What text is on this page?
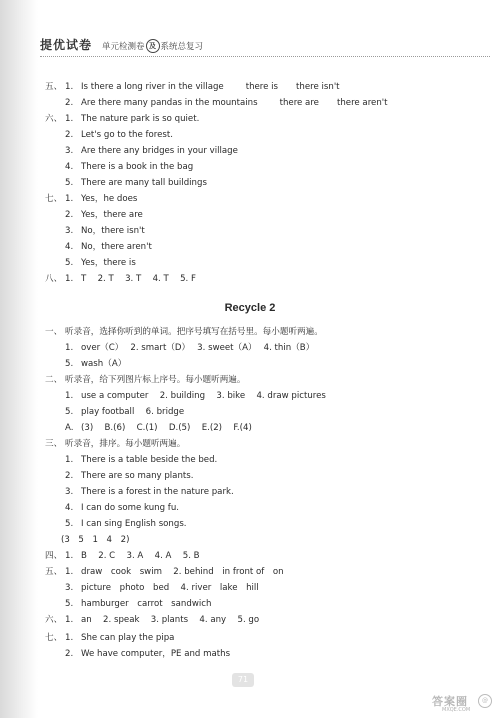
提优试卷 单元检测卷 及 系统总复习
五、 1. Is there a long river in the village	there is there isn't
2. Are there many pandas in the mountains	there are there aren't
六、 1. The nature park is so quiet.
2. Let's go to the forest.
3. Are there any bridges in your village
4. There is a book in the bag
5. There are many tall buildings
七、 1. Yes，he does
2. Yes，there are
3. No，there isn't
4. No，there aren't
5. Yes，there is
八、 1. T　 2. T　 3. T　 4. T　 5. F
Recycle 2
一、 听录音，选择你听到的单词。把序号填写在括号里。每小题听两遍。
1. over（C）　 2. smart（D）　 3. sweet（A）　 4. thin（B）
5. wash（A）
二、 听录音，给下列图片标上序号。每小题听两遍。
1. use a computer　 2. building　 3. bike　 4. draw pictures
5. play football　 6. bridge
A. (3)　 B.(6)　 C.(1)　 D.(5)　 E.(2)　 F.(4)
三、 听录音，排序。每小题听两遍。
1. There is a table beside the bed.
2. There are so many plants.
3. There is a forest in the nature park.
4. I can do some kung fu.
5. I can sing English songs.
(3　5　1　4　2)
四、 1. B　 2. C　 3. A　 4. A　 5. B
五、 1. draw　cook　swim　 2. behind　in front of　on
3. picture　photo　bed　 4. river　lake　hill
5. hamburger　carrot　sandwich
六、 1. an　 2. speak　 3. plants　 4. any　 5. go
七、 1. She can play the pipa
2. We have computer，PE and maths
71
答案圈	@
MXQE.COM
